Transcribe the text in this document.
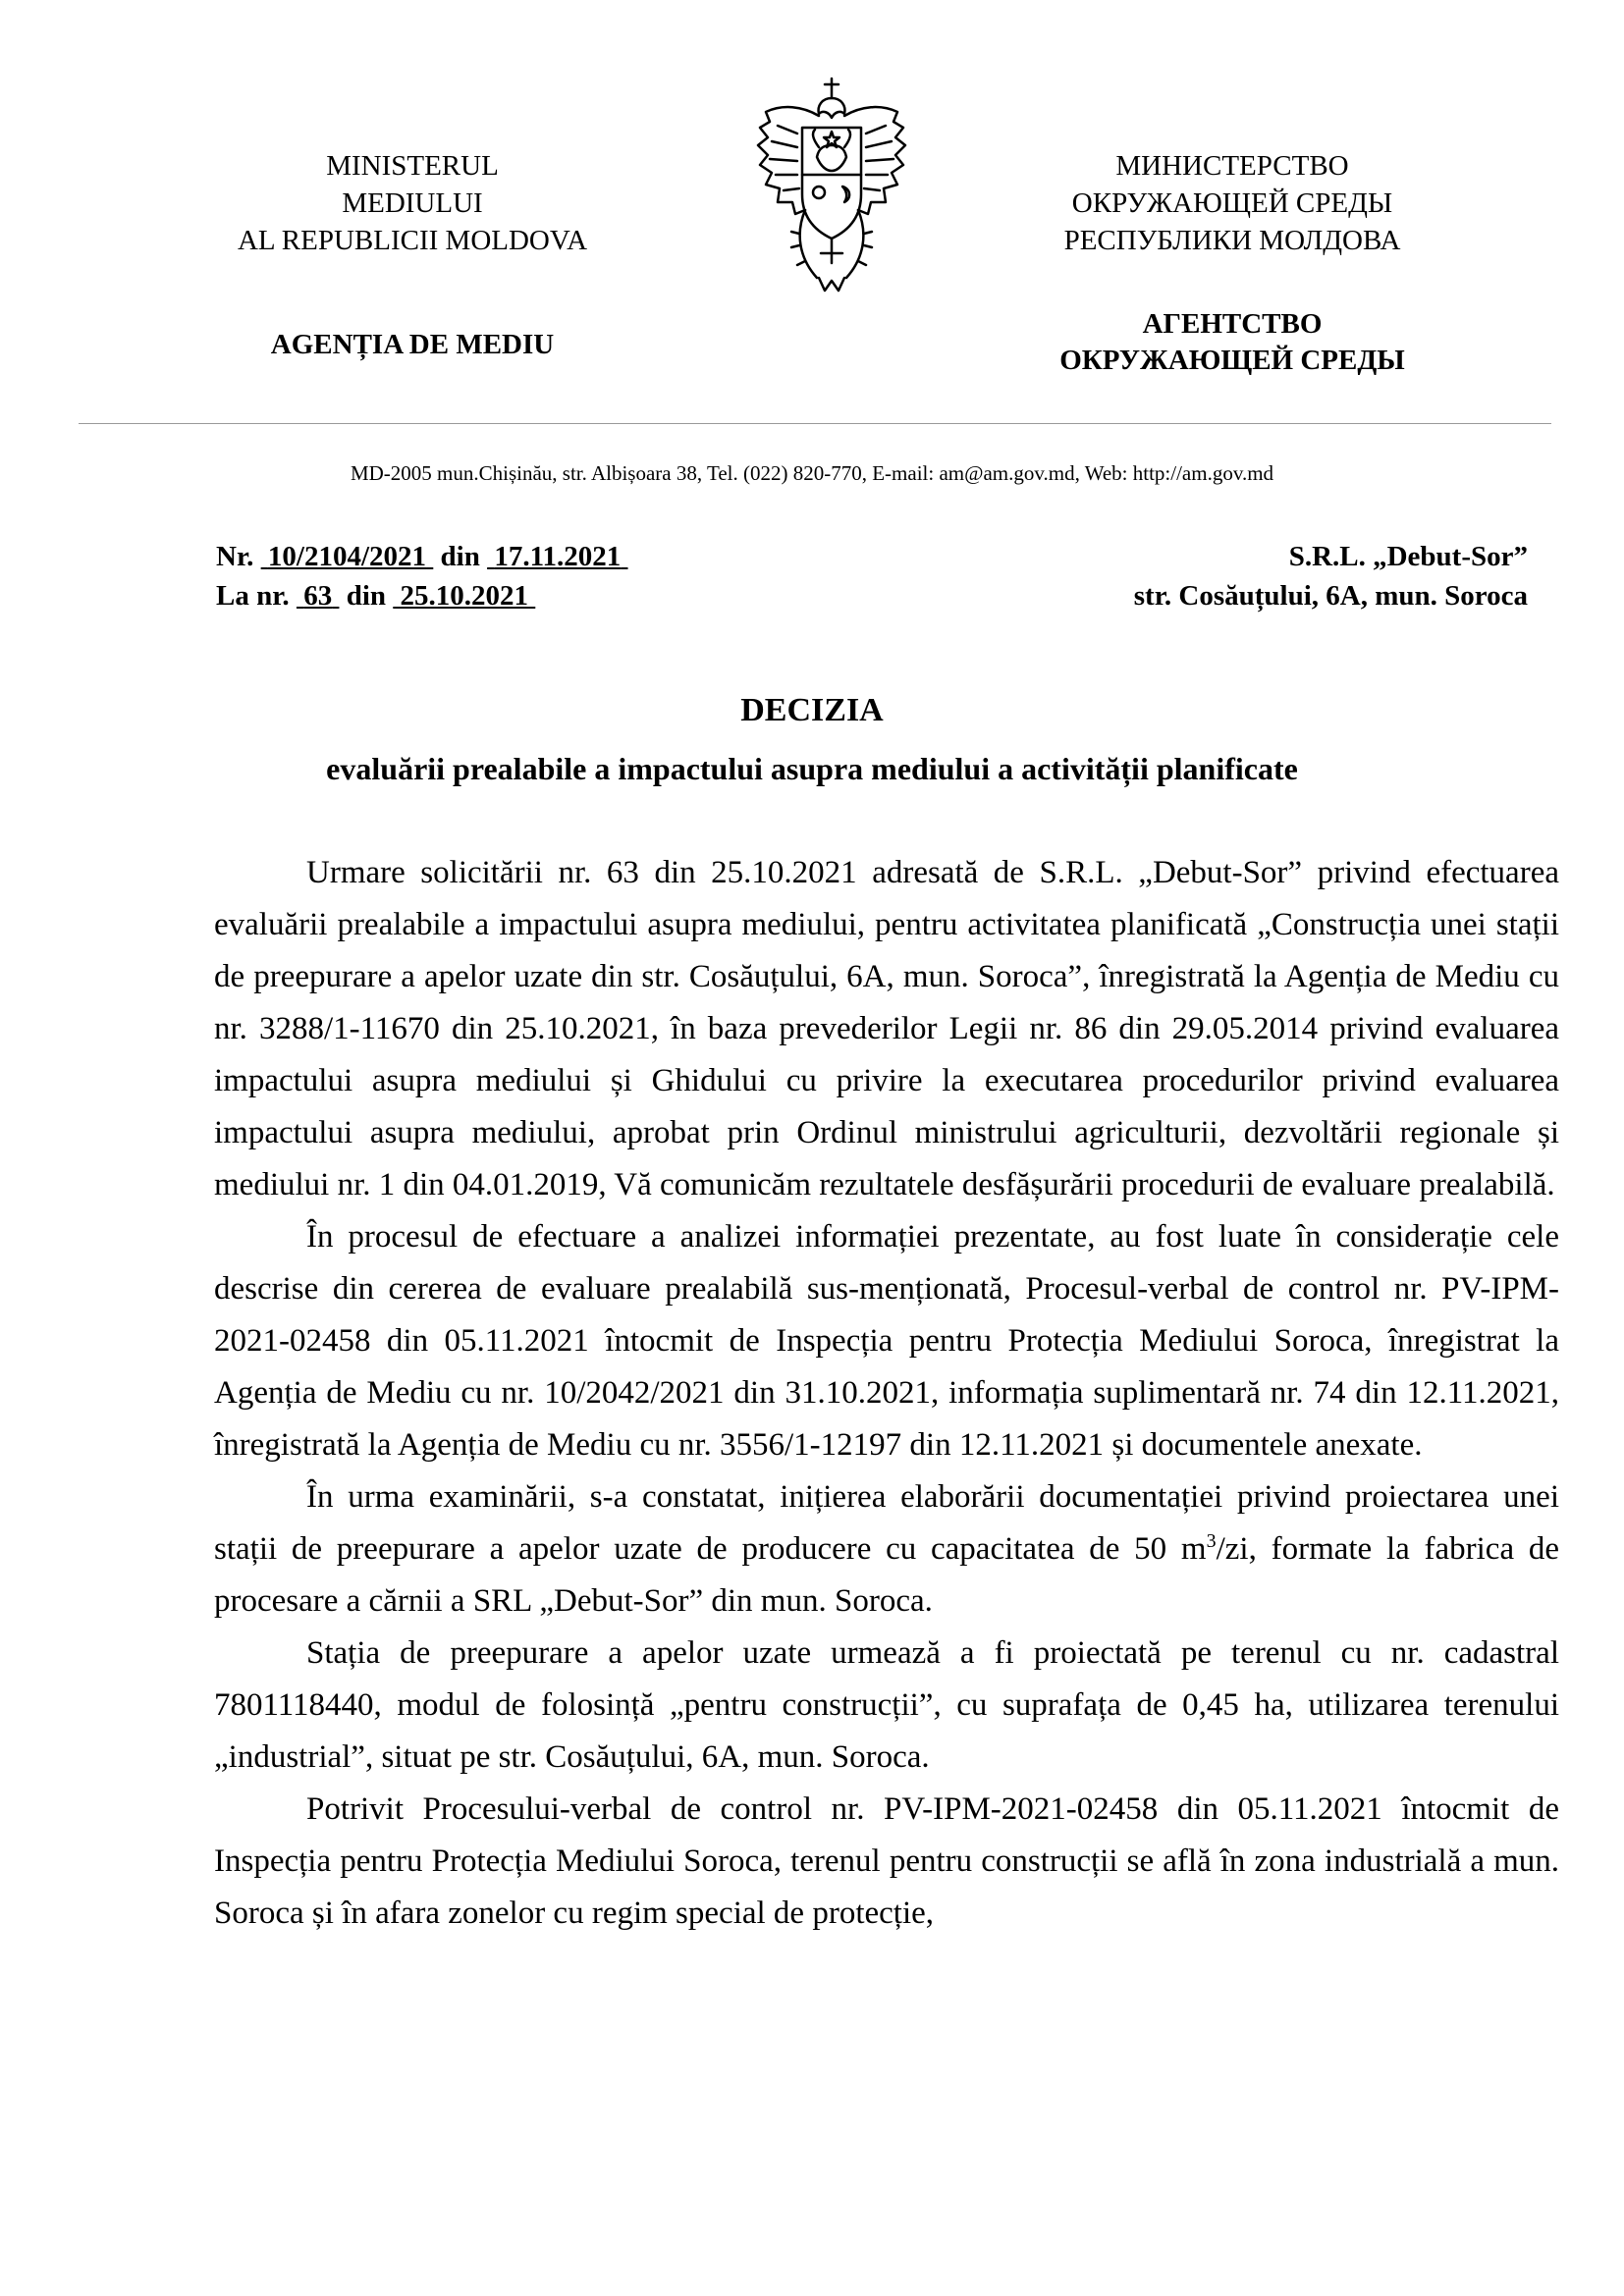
MINISTERUL
MEDIULUI
AL REPUBLICII MOLDOVA
МИНИСТЕРСТВО
ОКРУЖАЮЩЕЙ СРЕДЫ
РЕСПУБЛИКИ МОЛДОВА
AGENȚIA DE MEDIU
АГЕНТСТВО
ОКРУЖАЮЩЕЙ СРЕДЫ
MD-2005 mun.Chișinău, str. Albișoara 38, Tel. (022) 820-770, E-mail: am@am.gov.md, Web: http://am.gov.md
Nr. 10/2104/2021 din 17.11.2021
La nr. 63 din 25.10.2021
S.R.L. „Debut-Sor”
str. Cosăuțului, 6A, mun. Soroca
DECIZIA
evaluării prealabile a impactului asupra mediului a activității planificate

Urmare solicitării nr. 63 din 25.10.2021 adresată de S.R.L. „Debut-Sor” privind efectuarea evaluării prealabile a impactului asupra mediului, pentru activitatea planificată „Construcția unei stații de preepurare a apelor uzate din str. Cosăuțului, 6A, mun. Soroca”, înregistrată la Agenția de Mediu cu nr. 3288/1-11670 din 25.10.2021, în baza prevederilor Legii nr. 86 din 29.05.2014 privind evaluarea impactului asupra mediului și Ghidului cu privire la executarea procedurilor privind evaluarea impactului asupra mediului, aprobat prin Ordinul ministrului agriculturii, dezvoltării regionale și mediului nr. 1 din 04.01.2019, Vă comunicăm rezultatele desfășurării procedurii de evaluare prealabilă.

În procesul de efectuare a analizei informației prezentate, au fost luate în considerație cele descrise din cererea de evaluare prealabilă sus-menționată, Procesul-verbal de control nr. PV-IPM-2021-02458 din 05.11.2021 întocmit de Inspecția pentru Protecția Mediului Soroca, înregistrat la Agenția de Mediu cu nr. 10/2042/2021 din 31.10.2021, informația suplimentară nr. 74 din 12.11.2021, înregistrată la Agenția de Mediu cu nr. 3556/1-12197 din 12.11.2021 și documentele anexate.

În urma examinării, s-a constatat, inițierea elaborării documentației privind proiectarea unei stații de preepurare a apelor uzate de producere cu capacitatea de 50 $m^3/zi$, formate la fabrica de procesare a cărnii a SRL „Debut-Sor” din mun. Soroca.

Stația de preepurare a apelor uzate urmează a fi proiectată pe terenul cu nr. cadastral 7801118440, modul de folosință „pentru construcții”, cu suprafața de 0,45 ha, utilizarea terenului „industrial”, situat pe str. Cosăuțului, 6A, mun. Soroca.

Potrivit Procesului-verbal de control nr. PV-IPM-2021-02458 din 05.11.2021 întocmit de Inspecția pentru Protecția Mediului Soroca, terenul pentru construcții se află în zona industrială a mun. Soroca și în afara zonelor cu regim special de protecție,
